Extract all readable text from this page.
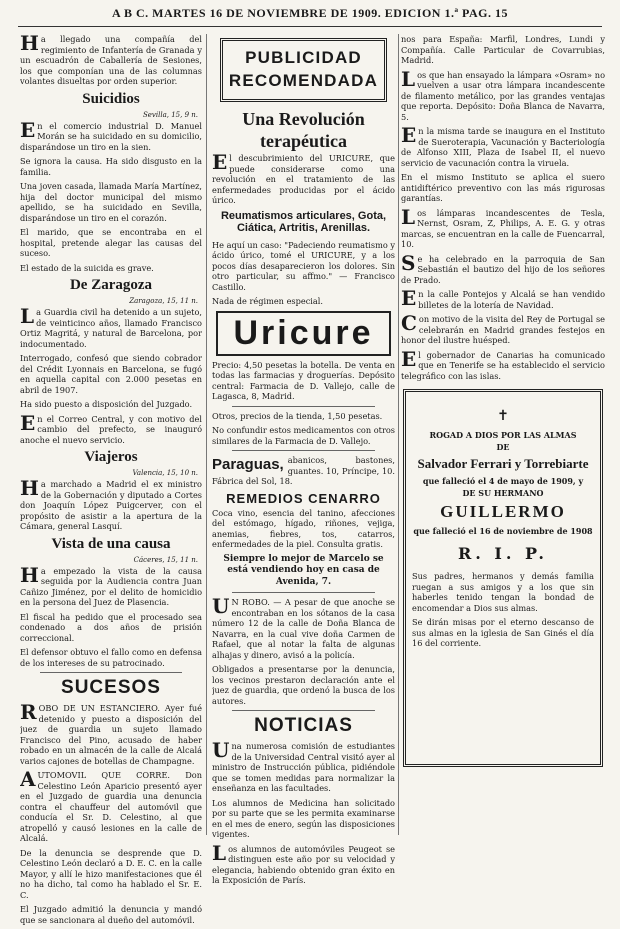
A B C. MARTES 16 DE NOVIEMBRE DE 1909. EDICION 1.ª PAG. 15

Ha llegado una compañía del regimiento de Infantería de Granada y un escuadrón de Caballería de Sesiones, los que componían una de las columnas volantes disueltas por orden superior.

Suicidios
Sevilla, 15, 9 n.

En el comercio industrial D. Manuel Morán se ha suicidado en su domicilio, disparándose un tiro en la sien.

Se ignora la causa. Ha sido disgusto en la familia.

Una joven casada, llamada María Martínez, hija del doctor municipal del mismo apellido, se ha suicidado en Sevilla, disparándose un tiro en el corazón.

El marido, que se encontraba en el hospital, pretende alegar las causas del suceso.

El estado de la suicida es grave.

De Zaragoza
Zaragoza, 15, 11 n.

La Guardia civil ha detenido a un sujeto, de veinticinco años, llamado Francisco Ortiz Magritá, y natural de Barcelona, por indocumentado.

Interrogado, confesó que siendo cobrador del Crédit Lyonnais en Barcelona, se fugó en aquella capital con 2.000 pesetas en abril de 1907.

Ha sido puesto a disposición del Juzgado.

En el Correo Central, y con motivo del cambio del prefecto, se inauguró anoche el nuevo servicio.

Viajeros
Valencia, 15, 10 n.

Ha marchado a Madrid el ex ministro de la Gobernación y diputado a Cortes don Joaquín López Puigcerver, con el propósito de asistir a la apertura de la Cámara, general Lasquí.

Vista de una causa
Cáceres, 15, 11 n.

Ha empezado la vista de la causa seguida por la Audiencia contra Juan Cañizo Jiménez, por el delito de homicidio en la persona del Juez de Plasencia.

El fiscal ha pedido que el procesado sea condenado a dos años de prisión correccional.

El defensor obtuvo el fallo como en defensa de los intereses de su patrocinado.

SUCESOS

ROBO DE UN ESTANCIERO. Ayer fué detenido y puesto a disposición del juez de guardia un sujeto llamado Francisco del Pino, acusado de haber robado en un almacén de la calle de Alcalá varios cajones de botellas de Champagne.

AUTOMOVIL QUE CORRE. Don Celestino León Aparicio presentó ayer en el Juzgado de guardia una denuncia contra el chauffeur del automóvil que conducía el Sr. D. Celestino, al que atropelló y causó lesiones en la calle de Alcalá.

De la denuncia se desprende que D. Celestino León declaró a D. E. C. en la calle Mayor, y allí le hizo manifestaciones que él no ha dicho, tal como ha hablado el Sr. E. C.

El Juzgado admitió la denuncia y mandó que se sancionara al dueño del automóvil.

PUBLICIDAD
RECOMENDADA
Una Revolución
terapéutica

El descubrimiento del URICURE, que puede considerarse como una revolución en el tratamiento de las enfermedades producidas por el ácido úrico.

Reumatismos articulares, Gota, Ciática, Artritis, Arenillas.

He aquí un caso: "Padeciendo reumatismo y ácido úrico, tomé el URICURE, y a los pocos días desaparecieron los dolores. Sin otro particular, su affmo." — Francisco Castillo.

Nada de régimen especial.

Uricure

Precio: 4,50 pesetas la botella. De venta en todas las farmacias y droguerías. Depósito central: Farmacia de D. Vallejo, calle de Lagasca, 8, Madrid.

Otros, precios de la tienda, 1,50 pesetas.

No confundir estos medicamentos con otros similares de la Farmacia de D. Vallejo.

Paraguas, abanicos, bastones, guantes. 10, Príncipe, 10. Fábrica del Sol, 18.

REMEDIOS CENARRO

Coca vino, esencia del tanino, afecciones del estómago, hígado, riñones, vejiga, anemias, fiebres, tos, catarros, enfermedades de la piel. Consulta gratis.

Siempre lo mejor de Marcelo se está vendiendo hoy en casa de Avenida, 7.

UN ROBO. — A pesar de que anoche se encontraban en los sótanos de la casa número 12 de la calle de Doña Blanca de Navarra, en la cual vive doña Carmen de Rafael, que al notar la falta de algunas alhajas y dinero, avisó a la policía.

Obligados a presentarse por la denuncia, los vecinos prestaron declaración ante el juez de guardia, que ordenó la busca de los autores.

NOTICIAS

Una numerosa comisión de estudiantes de la Universidad Central visitó ayer al ministro de Instrucción pública, pidiéndole que se tomen medidas para normalizar la enseñanza en las facultades.

Los alumnos de Medicina han solicitado por su parte que se les permita examinarse en el mes de enero, según las disposiciones vigentes.

Los alumnos de automóviles Peugeot se distinguen este año por su velocidad y elegancia, habiendo obtenido gran éxito en la Exposición de París.

nos para España: Marfil, Londres, Lundi y Compañía. Calle Particular de Covarrubias, Madrid.

Los que han ensayado la lámpara «Osram» no vuelven a usar otra lámpara incandescente de filamento metálico, por las grandes ventajas que reporta. Depósito: Doña Blanca de Navarra, 5.

En la misma tarde se inaugura en el Instituto de Sueroterapia, Vacunación y Bacteriología de Alfonso XIII, Plaza de Isabel II, el nuevo servicio de vacunación contra la viruela.

En el mismo Instituto se aplica el suero antidiftérico preventivo con las más rigurosas garantías.

Los lámparas incandescentes de Tesla, Nernst, Osram, Z, Philips, A. E. G. y otras marcas, se encuentran en la calle de Fuencarral, 10.

Se ha celebrado en la parroquia de San Sebastián el bautizo del hijo de los señores de Prado.

En la calle Pontejos y Alcalá se han vendido billetes de la lotería de Navidad.

Con motivo de la visita del Rey de Portugal se celebrarán en Madrid grandes festejos en honor del ilustre huésped.

El gobernador de Canarias ha comunicado que en Tenerife se ha establecido el servicio telegráfico con las islas.

✝
ROGAD A DIOS POR LAS ALMAS
DE
Salvador Ferrari y Torrebiarte
que falleció el 4 de mayo de 1909, y
DE SU HERMANO
GUILLERMO
que falleció el 16 de noviembre de 1908
R. I. P.

Sus padres, hermanos y demás familia ruegan a sus amigos y a los que sin haberles tenido tengan la bondad de encomendar a Dios sus almas.

Se dirán misas por el eterno descanso de sus almas en la iglesia de San Ginés el día 16 del corriente.
